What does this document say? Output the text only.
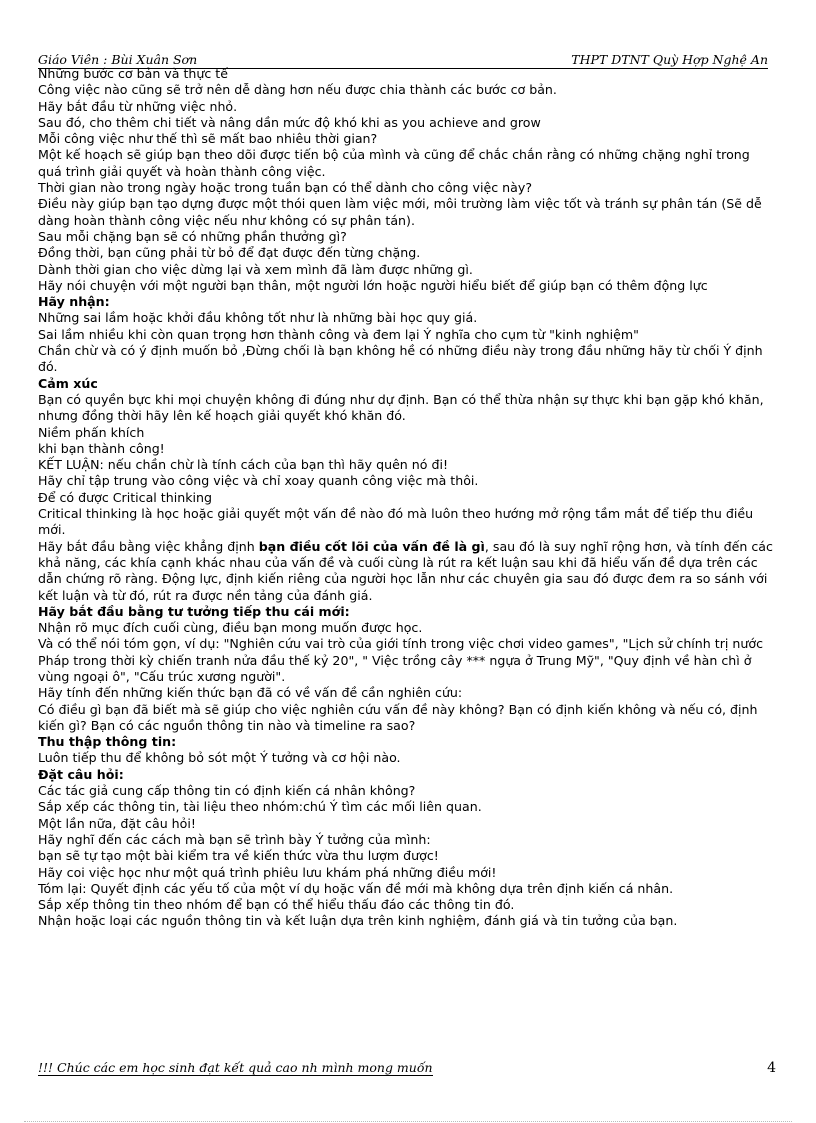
Giáo Viên : Bùi Xuân Sơn	THPT DTNT Quỳ Hợp Nghệ An

Những bước cơ bản và thực tế

Công việc nào cũng sẽ trở nên dễ dàng hơn nếu được chia thành các bước cơ bản.

Hãy bắt đầu từ những việc nhỏ.

Sau đó, cho thêm chi tiết và nâng dần mức độ khó khi as you achieve and grow

Mỗi công việc như thế thì sẽ mất bao nhiêu thời gian?

Một kế hoạch sẽ giúp bạn theo dõi được tiến bộ của mình và cũng để chắc chắn rằng có những chặng nghỉ trong quá trình giải quyết và hoàn thành công việc.

Thời gian nào trong ngày hoặc trong tuần bạn có thể dành cho công việc này?

Điều này giúp bạn tạo dựng được một thói quen làm việc mới, môi trường làm việc tốt và tránh sự phân tán (Sẽ dễ dàng hoàn thành công việc nếu như không có sự phân tán).

Sau mỗi chặng bạn sẽ có những phần thưởng gì?

Đồng thời, bạn cũng phải từ bỏ để đạt được đến từng chặng.

Dành thời gian cho việc dừng lại và xem mình đã làm được những gì.

Hãy nói chuyện với một người bạn thân, một người lớn hoặc người hiểu biết để giúp bạn có thêm động lực

Hãy nhận:

Những sai lầm hoặc khởi đầu không tốt như là những bài học quy giá.

Sai lầm nhiều khi còn quan trọng hơn thành công và đem lại Ý nghĩa cho cụm từ "kinh nghiệm"

Chần chừ và có ý định muốn bỏ ,Đừng chối là bạn không hề có những điều này trong đầu những hãy từ chối Ý định đó.

Cảm xúc

Bạn có quyền bực khi mọi chuyện không đi đúng như dự định. Bạn có thể thừa nhận sự thực khi bạn gặp khó khăn, nhưng đồng thời hãy lên kế hoạch giải quyết khó khăn đó.

Niềm phấn khích

khi bạn thành công!

KẾT LUẬN: nếu chần chừ là tính cách của bạn thì hãy quên nó đi!

Hãy chỉ tập trung vào công việc và chỉ xoay quanh công việc mà thôi.

Để có được Critical thinking

Critical thinking là học hoặc giải quyết một vấn đề nào đó mà luôn theo hướng mở rộng tầm mắt để tiếp thu điều mới.

Hãy bắt đầu bằng việc khẳng định bạn điều cốt lõi của vấn đề là gì, sau đó là suy nghĩ rộng hơn, và tính đến các khả năng, các khía cạnh khác nhau của vấn đề và cuối cùng là rút ra kết luận sau khi đã hiểu vấn đề dựa trên các dẫn chứng rõ ràng. Động lực, định kiến riêng của người học lẫn như các chuyên gia sau đó được đem ra so sánh với kết luận và từ đó, rút ra được nền tảng của đánh giá.

Hãy bắt đầu bằng tư tưởng tiếp thu cái mới:

Nhận rõ mục đích cuối cùng, điều bạn mong muốn được học.

Và có thể nói tóm gọn, ví dụ: "Nghiên cứu vai trò của giới tính trong việc chơi video games", "Lịch sử chính trị nước Pháp trong thời kỳ chiến tranh nửa đầu thế kỷ 20", " Việc trồng cây *** ngựa ở Trung Mỹ", "Quy định về hàn chì ở vùng ngoại ô", "Cấu trúc xương người".

Hãy tính đến những kiến thức bạn đã có về vấn đề cần nghiên cứu:

Có điều gì bạn đã biết mà sẽ giúp cho việc nghiên cứu vấn đề này không? Bạn có định kiến không và nếu có, định kiến gì? Bạn có các nguồn thông tin nào và timeline ra sao?

Thu thập thông tin:

Luôn tiếp thu để không bỏ sót một Ý tưởng và cơ hội nào.

Đặt câu hỏi:

Các tác giả cung cấp thông tin có định kiến cá nhân không?

Sắp xếp các thông tin, tài liệu theo nhóm:chú Ý tìm các mối liên quan.

Một lần nữa, đặt câu hỏi!

Hãy nghĩ đến các cách mà bạn sẽ trình bày Ý tưởng của mình:

bạn sẽ tự tạo một bài kiểm tra về kiến thức vừa thu lượm được!

Hãy coi việc học như một quá trình phiêu lưu khám phá những điều mới!

Tóm lại: Quyết định các yếu tố của một ví dụ hoặc vấn đề mới mà không dựa trên định kiến cá nhân.

Sắp xếp thông tin theo nhóm để bạn có thể hiểu thấu đáo các thông tin đó.

Nhận hoặc loại các nguồn thông tin và kết luận dựa trên kinh nghiệm, đánh giá và tin tưởng của bạn.

!!! Chúc các em học sinh đạt kết quả cao nh mình mong muốn	4
